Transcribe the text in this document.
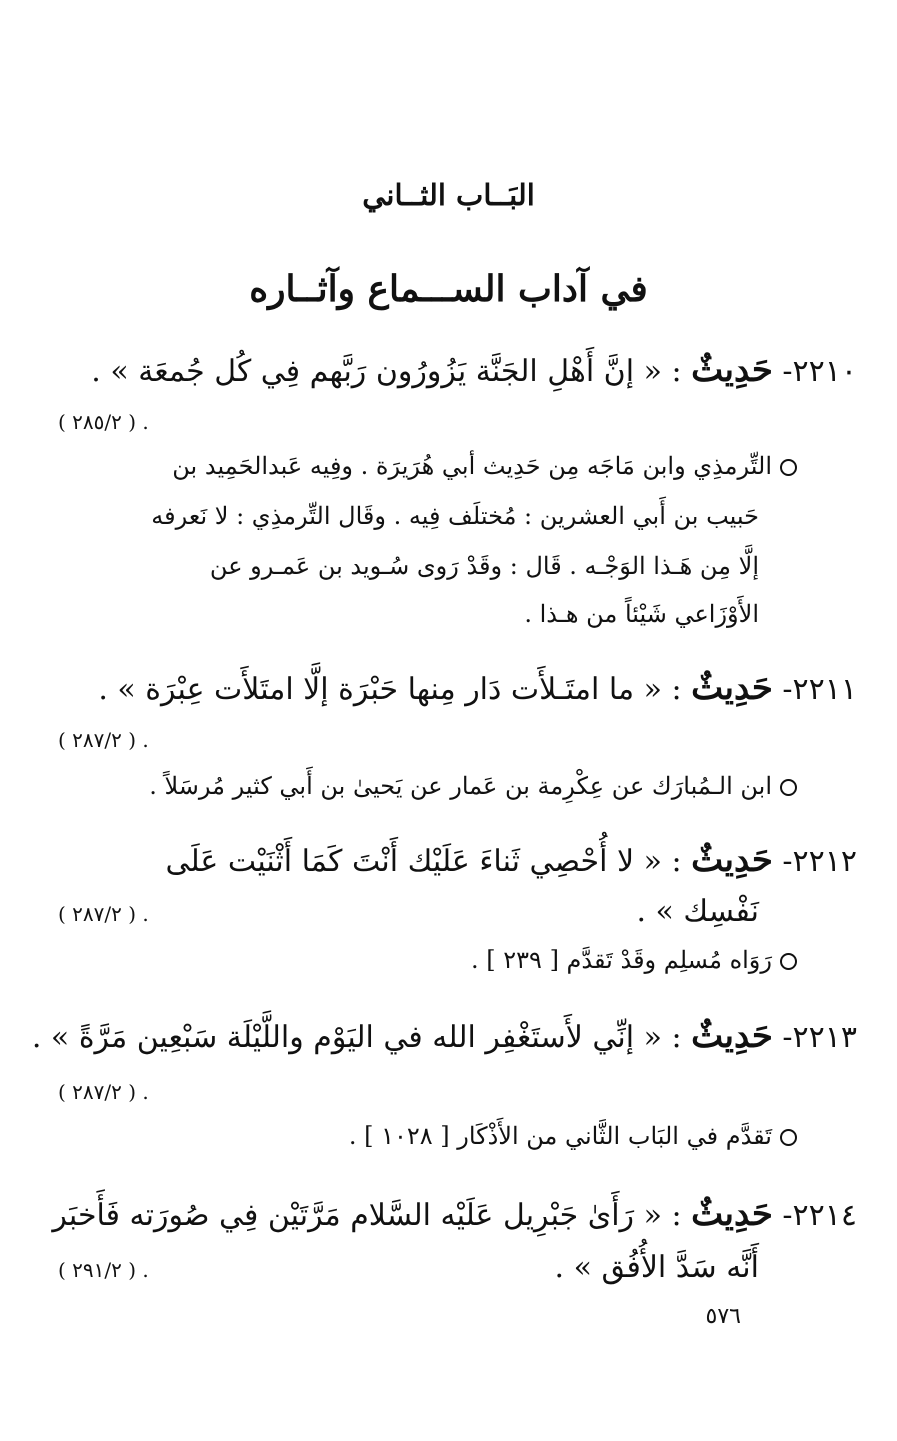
البَــاب الثــاني
في آداب الســـماع وآثــاره
٢٢١٠- حَدِيثٌ : « إنَّ أَهْلِ الجَنَّة يَزُورُون رَبَّهم فِي كُل جُمعَة » .
. ( ٢٨٥/٢ )
التِّرمذِي وابن مَاجَه مِن حَدِيث أبي هُرَيرَة . وفِيه عَبدالحَمِيد بن
حَبيب بن أَبي العشرين : مُختلَف فِيه . وقَال التِّرمذِي : لا نَعرفه
إلَّا مِن هَـذا الوَجْـه . قَال : وقَدْ رَوى سُـويد بن عَمـرو عن
الأَوْزَاعي شَيْئاً من هـذا .
٢٢١١- حَدِيثٌ : « ما امتَـلأَت دَار مِنها حَبْرَة إلَّا امتَلأَت عِبْرَة » .
. ( ٢٨٧/٢ )
ابن الـمُبارَك عن عِكْرِمة بن عَمار عن يَحيىٰ بن أَبي كثير مُرسَلاً .
٢٢١٢- حَدِيثٌ : « لا أُحْصِي ثَناءَ عَلَيْك أَنْتَ كَمَا أَثْنَيْت عَلَى
نَفْسِك » .
. ( ٢٨٧/٢ )
رَوَاه مُسلِم وقَدْ تَقدَّم [ ٢٣٩ ] .
٢٢١٣- حَدِيثٌ : « إنِّي لأَستَغْفِر الله في اليَوْم واللَّيْلَة سَبْعِين مَرَّةً » .
. ( ٢٨٧/٢ )
تَقدَّم في البَاب الثَّاني من الأَذْكَار [ ١٠٢٨ ] .
٢٢١٤- حَدِيثٌ : « رَأَىٰ جَبْرِيل عَلَيْه السَّلام مَرَّتَيْن فِي صُورَته فَأَخبَر
أَنَّه سَدَّ الأُفُق » .
. ( ٢٩١/٢ )
٥٧٦
